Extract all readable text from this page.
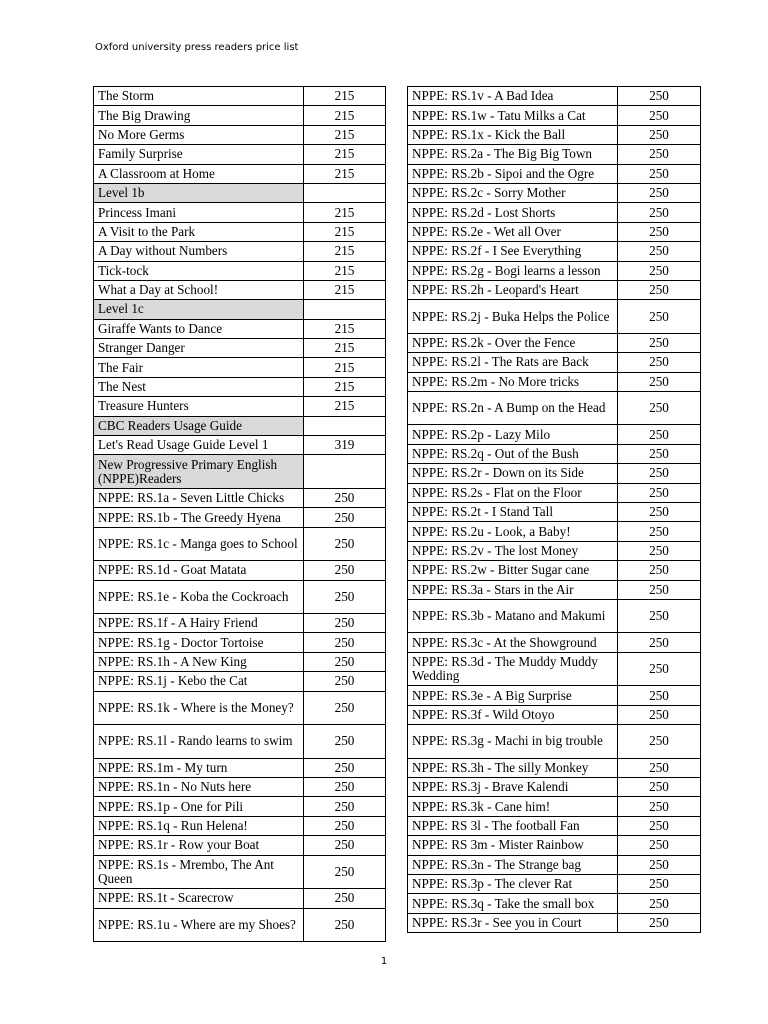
Oxford university press readers price list
The Storm	215
The Big Drawing	215
No More Germs	215
Family Surprise	215
A Classroom at Home	215
Level 1b	
Princess Imani	215
A Visit to the Park	215
A Day without Numbers	215
Tick-tock	215
What a Day at School!	215
Level 1c	
Giraffe Wants to Dance	215
Stranger Danger	215
The Fair	215
The Nest	215
Treasure Hunters	215
CBC Readers Usage Guide	
Let's Read Usage Guide Level 1	319
New Progressive Primary English (NPPE)Readers	
NPPE: RS.1a - Seven Little Chicks	250
NPPE: RS.1b - The Greedy Hyena	250
NPPE: RS.1c - Manga goes to School	250
NPPE: RS.1d - Goat Matata	250
NPPE: RS.1e - Koba the Cockroach	250
NPPE: RS.1f - A Hairy Friend	250
NPPE: RS.1g - Doctor Tortoise	250
NPPE: RS.1h - A New King	250
NPPE: RS.1j - Kebo the Cat	250
NPPE: RS.1k - Where is the Money?	250
NPPE: RS.1l - Rando learns to swim	250
NPPE: RS.1m - My turn	250
NPPE: RS.1n - No Nuts here	250
NPPE: RS.1p - One for Pili	250
NPPE: RS.1q - Run Helena!	250
NPPE: RS.1r - Row your Boat	250
NPPE: RS.1s - Mrembo, The Ant Queen	250
NPPE: RS.1t - Scarecrow	250
NPPE: RS.1u - Where are my Shoes?	250
NPPE: RS.1v - A Bad Idea	250
NPPE: RS.1w - Tatu Milks a Cat	250
NPPE: RS.1x - Kick the Ball	250
NPPE: RS.2a - The Big Big Town	250
NPPE: RS.2b - Sipoi and the Ogre	250
NPPE: RS.2c - Sorry Mother	250
NPPE: RS.2d - Lost Shorts	250
NPPE: RS.2e - Wet all Over	250
NPPE: RS.2f - I See Everything	250
NPPE: RS.2g - Bogi learns a lesson	250
NPPE: RS.2h - Leopard's Heart	250
NPPE: RS.2j - Buka Helps the Police	250
NPPE: RS.2k - Over the Fence	250
NPPE: RS.2l - The Rats are Back	250
NPPE: RS.2m - No More tricks	250
NPPE: RS.2n - A Bump on the Head	250
NPPE: RS.2p - Lazy Milo	250
NPPE: RS.2q - Out of the Bush	250
NPPE: RS.2r - Down on its Side	250
NPPE: RS.2s - Flat on the Floor	250
NPPE: RS.2t - I Stand Tall	250
NPPE: RS.2u - Look, a Baby!	250
NPPE: RS.2v - The lost Money	250
NPPE: RS.2w - Bitter Sugar cane	250
NPPE: RS.3a - Stars in the Air	250
NPPE: RS.3b - Matano and Makumi	250
NPPE: RS.3c - At the Showground	250
NPPE: RS.3d - The Muddy Muddy Wedding	250
NPPE: RS.3e - A Big Surprise	250
NPPE: RS.3f - Wild Otoyo	250
NPPE: RS.3g - Machi in big trouble	250
NPPE: RS.3h - The silly Monkey	250
NPPE: RS.3j - Brave Kalendi	250
NPPE: RS.3k - Cane him!	250
NPPE: RS 3l - The football Fan	250
NPPE: RS 3m - Mister Rainbow	250
NPPE: RS.3n - The Strange bag	250
NPPE: RS.3p - The clever Rat	250
NPPE: RS.3q - Take the small box	250
NPPE: RS.3r - See you in Court	250
1
